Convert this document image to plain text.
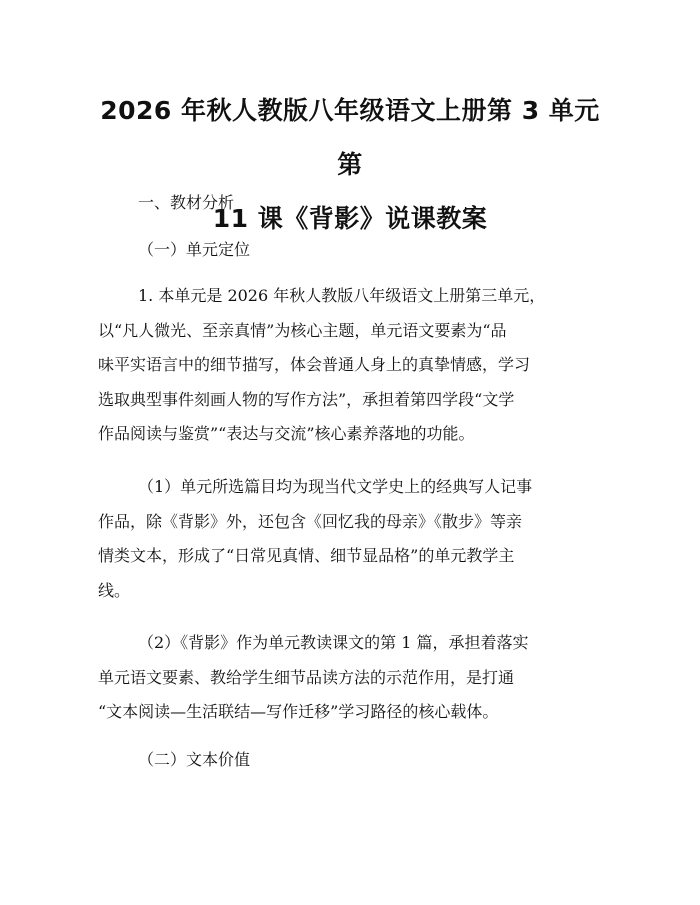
2026 年秋人教版八年级语文上册第 3 单元第
11 课《背影》说课教案

一、教材分析

（一）单元定位

1. 本单元是 2026 年秋人教版八年级语文上册第三单元，
以“凡人微光、至亲真情”为核心主题，单元语文要素为“品
味平实语言中的细节描写，体会普通人身上的真挚情感，学习
选取典型事件刻画人物的写作方法”，承担着第四学段“文学
作品阅读与鉴赏”“表达与交流”核心素养落地的功能。
（1）单元所选篇目均为现当代文学史上的经典写人记事
作品，除《背影》外，还包含《回忆我的母亲》《散步》等亲
情类文本，形成了“日常见真情、细节显品格”的单元教学主
线。
（2）《背影》作为单元教读课文的第 1 篇，承担着落实
单元语文要素、教给学生细节品读方法的示范作用，是打通
“文本阅读—生活联结—写作迁移”学习路径的核心载体。

（二）文本价值
